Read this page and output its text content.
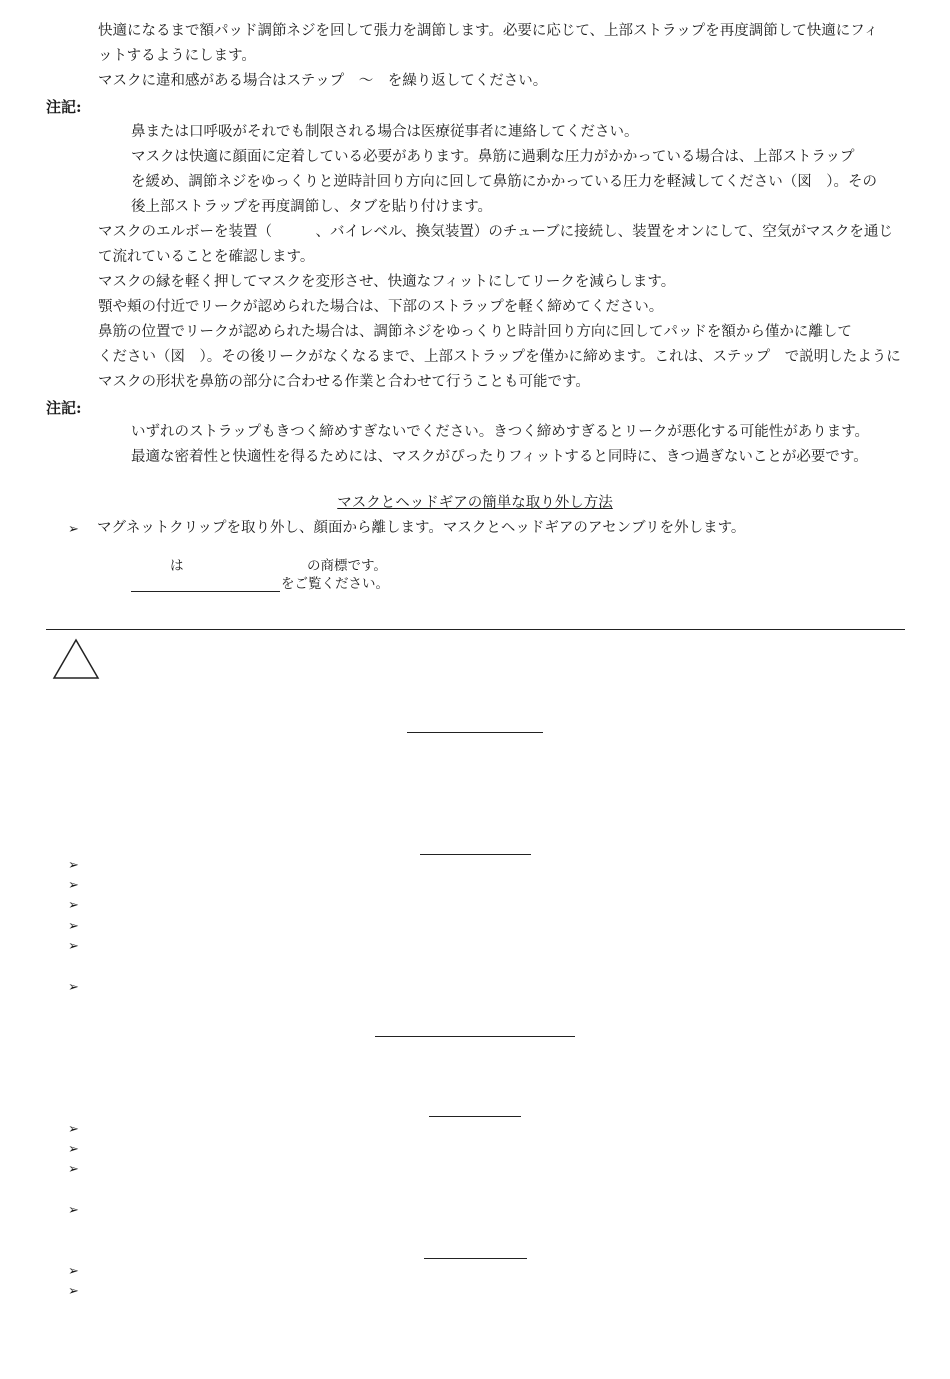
快適になるまで額パッド調節ネジを回して張力を調節します。必要に応じて、上部ストラップを再度調節して快適にフィ
ットするようにします。
マスクに違和感がある場合はステップ　～　を繰り返してください。
注記:
鼻または口呼吸がそれでも制限される場合は医療従事者に連絡してください。
マスクは快適に顔面に定着している必要があります。鼻筋に過剰な圧力がかかっている場合は、上部ストラップ
を緩め、調節ネジをゆっくりと逆時計回り方向に回して鼻筋にかかっている圧力を軽減してください（図　）。その
後上部ストラップを再度調節し、タブを貼り付けます。
マスクのエルボーを装置（　　　、バイレベル、換気装置）のチューブに接続し、装置をオンにして、空気がマスクを通じ
て流れていることを確認します。
マスクの縁を軽く押してマスクを変形させ、快適なフィットにしてリークを減らします。
顎や頬の付近でリークが認められた場合は、下部のストラップを軽く締めてください。
鼻筋の位置でリークが認められた場合は、調節ネジをゆっくりと時計回り方向に回してパッドを額から僅かに離して
ください（図　）。その後リークがなくなるまで、上部ストラップを僅かに締めます。これは、ステップ　で説明したように
マスクの形状を鼻筋の部分に合わせる作業と合わせて行うことも可能です。
注記:
いずれのストラップもきつく締めすぎないでください。きつく締めすぎるとリークが悪化する可能性があります。
最適な密着性と快適性を得るためには、マスクがぴったりフィットすると同時に、きつ過ぎないことが必要です。
マスクとヘッドギアの簡単な取り外し方法
➢ マグネットクリップを取り外し、顔面から離します。マスクとヘッドギアのアセンブリを外します。
は	の商標です。
をご覧ください。
➢
➢
➢
➢
➢
➢
➢
➢
➢
➢
➢
➢
